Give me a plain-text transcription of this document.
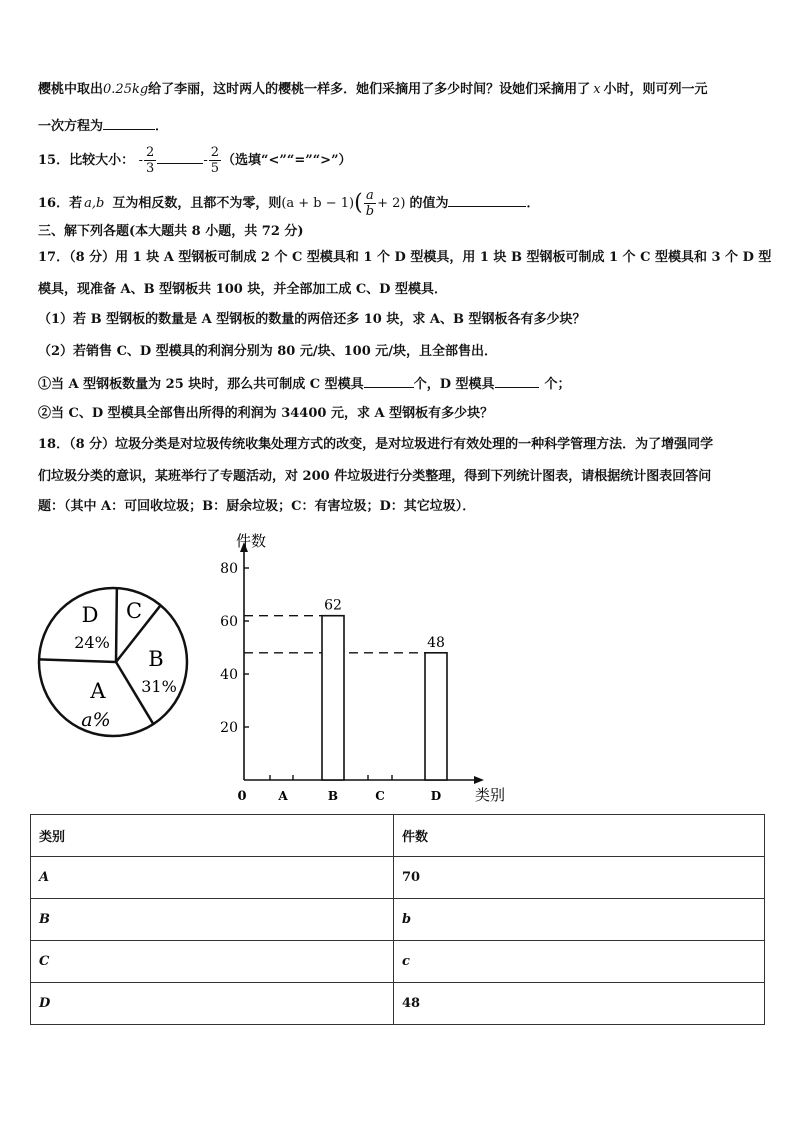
樱桃中取出0.25kg给了李丽，这时两人的樱桃一样多．她们采摘用了多少时间？设她们采摘用了 x 小时，则可列一元
一次方程为	．
15．比较大小： - $\frac{2}{3}$	- $\frac{2}{5}$ （选填“<”“=”“>”）
16．若 a,b 互为相反数，且都不为零，则$(a + b - 1)( \frac{a}{b} + 2)$ 的值为	．
三、解下列各题(本大题共 8 小题，共 72 分)
17．（8 分）用 1 块 A 型钢板可制成 2 个 C 型模具和 1 个 D 型模具，用 1 块 B 型钢板可制成 1 个 C 型模具和 3 个 D 型
模具，现准备 A、B 型钢板共 100 块，并全部加工成 C、D 型模具．
（1）若 B 型钢板的数量是 A 型钢板的数量的两倍还多 10 块，求 A、B 型钢板各有多少块？
（2）若销售 C、D 型模具的利润分别为 80 元/块、100 元/块，且全部售出．
①当 A 型钢板数量为 25 块时，那么共可制成 C 型模具	个，D 型模具	个；
②当 C、D 型模具全部售出所得的利润为 34400 元，求 A 型钢板有多少块？
18．（8 分）垃圾分类是对垃圾传统收集处理方式的改变，是对垃圾进行有效处理的一种科学管理方法．为了增强同学
们垃圾分类的意识，某班举行了专题活动，对 200 件垃圾进行分类整理，得到下列统计图表，请根据统计图表回答问
题：（其中 A：可回收垃圾；B：厨余垃圾；C：有害垃圾；D：其它垃圾）．
A
a%
B
31%
C
D
24%
件数
类别
0
20
40
60
80
A	B	C	D
62
48
类别	件数
A	70
B	b
C	c
D	48
